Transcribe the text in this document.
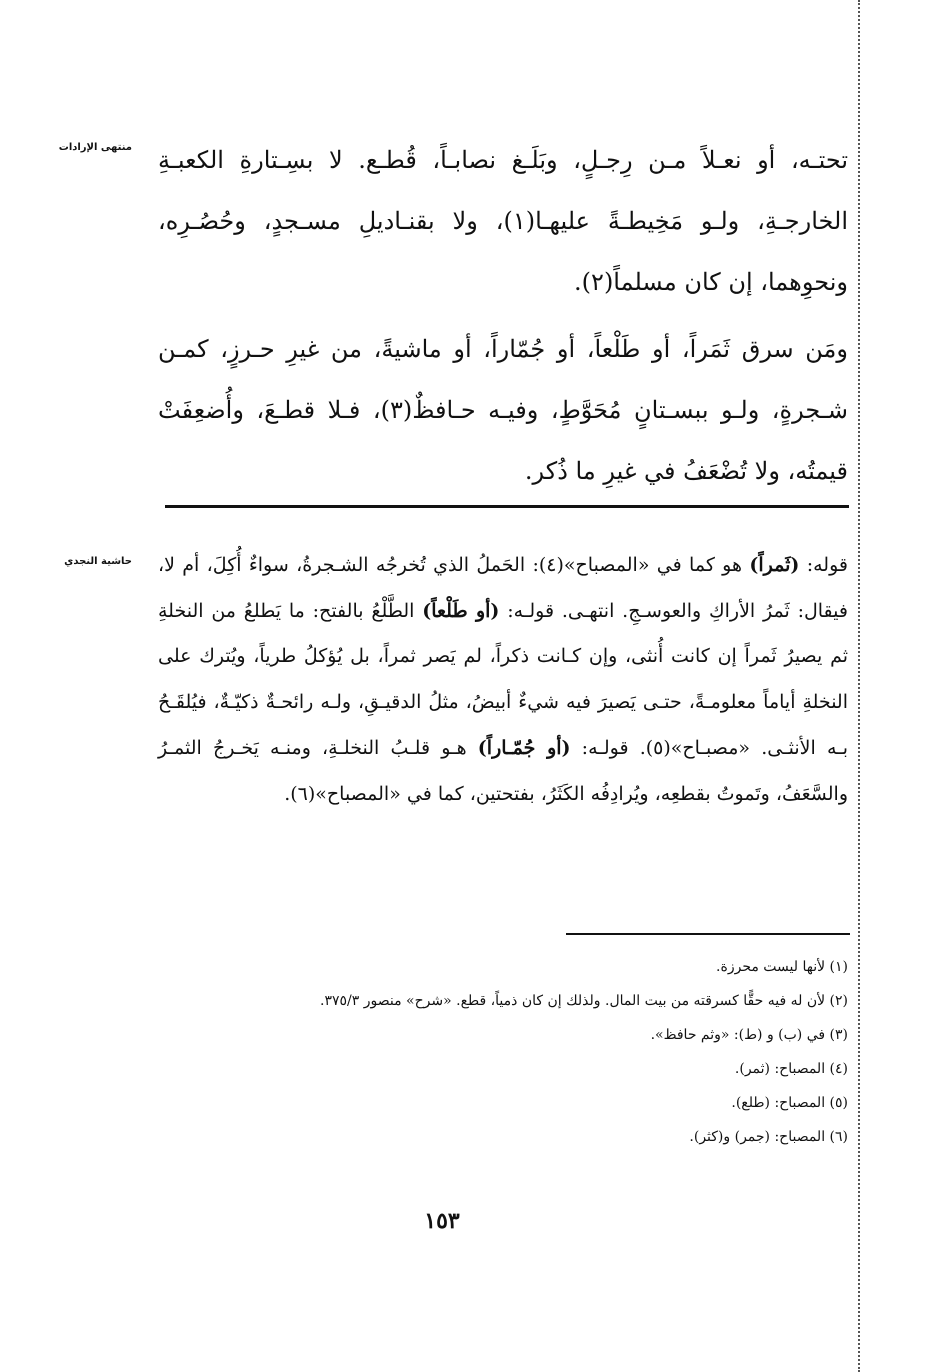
منتهى الإرادات تحتـه، أو نعـلاً مـن رِجـلٍ، وبَلَـغ نصابـاً، قُطـع. لا بسِـتارةِ الكعبـةِ الخارجـةِ، ولـو مَخِيطـةً عليهـا(١)، ولا بقنـاديلِ مسـجدٍ، وحُصُـرِه، ونحوِهما، إن كان مسلماً(٢).

ومَن سرق ثَمَراً، أو طَلْعاً، أو جُمّاراً، أو ماشيةً، من غيرِ حـرزٍ، كمـن شـجرةٍ، ولـو ببسـتانٍ مُحَوَّطٍ، وفيـه حـافظٌ(٣)، فـلا قطـعَ، وأُضعِفَتْ قيمتُه، ولا تُضْعَفُ في غيرِ ما ذُكر.

حاشية النجدي	قوله: (ثَمراً) هو كما في «المصباح»(٤): الحَملُ الذي تُخرجُه الشـجرةُ، سواءٌ أُكِلَ، أم لا، فيقال: ثَمرُ الأراكِ والعوسـجِ. انتهـى. قولـه: (أو طَلْعاً) الطَّلْعُ بالفتح: ما يَطلعُ من النخلةِ ثم يصيرُ ثَمراً إن كانت أُنثى، وإن كـانت ذكراً، لم يَصر ثمراً، بل يُؤكلُ طرياً، ويُترك على النخلةِ أياماً معلومـةً، حتـى يَصيرَ فيه شيءٌ أبيضُ، مثلُ الدقيـقِ، ولـه رائحـةٌ ذكيّـةٌ، فيُلقَـحُ بـه الأنثـى. «مصبـاح»(٥). قولـه: (أو جُمّـاراً) هـو قلـبُ النخلـةِ، ومنـه يَخـرجُ الثمـرُ والسَّعَفُ، وتَموتُ بقطعِه، ويُرادِفُه الكَثَرُ، بفتحتين، كما في «المصباح»(٦).

(١) لأنها ليست محرزة.
(٢) لأن له فيه حقًّا كسرقته من بيت المال. ولذلك إن كان ذمياً، قطع. «شرح» منصور ٣٧٥/٣.
(٣) في (ب) و (ط): «وثم حافظ».
(٤) المصباح: (ثمر).
(٥) المصباح: (طلع).
(٦) المصباح: (جمر) و(كثر).
١٥٣
